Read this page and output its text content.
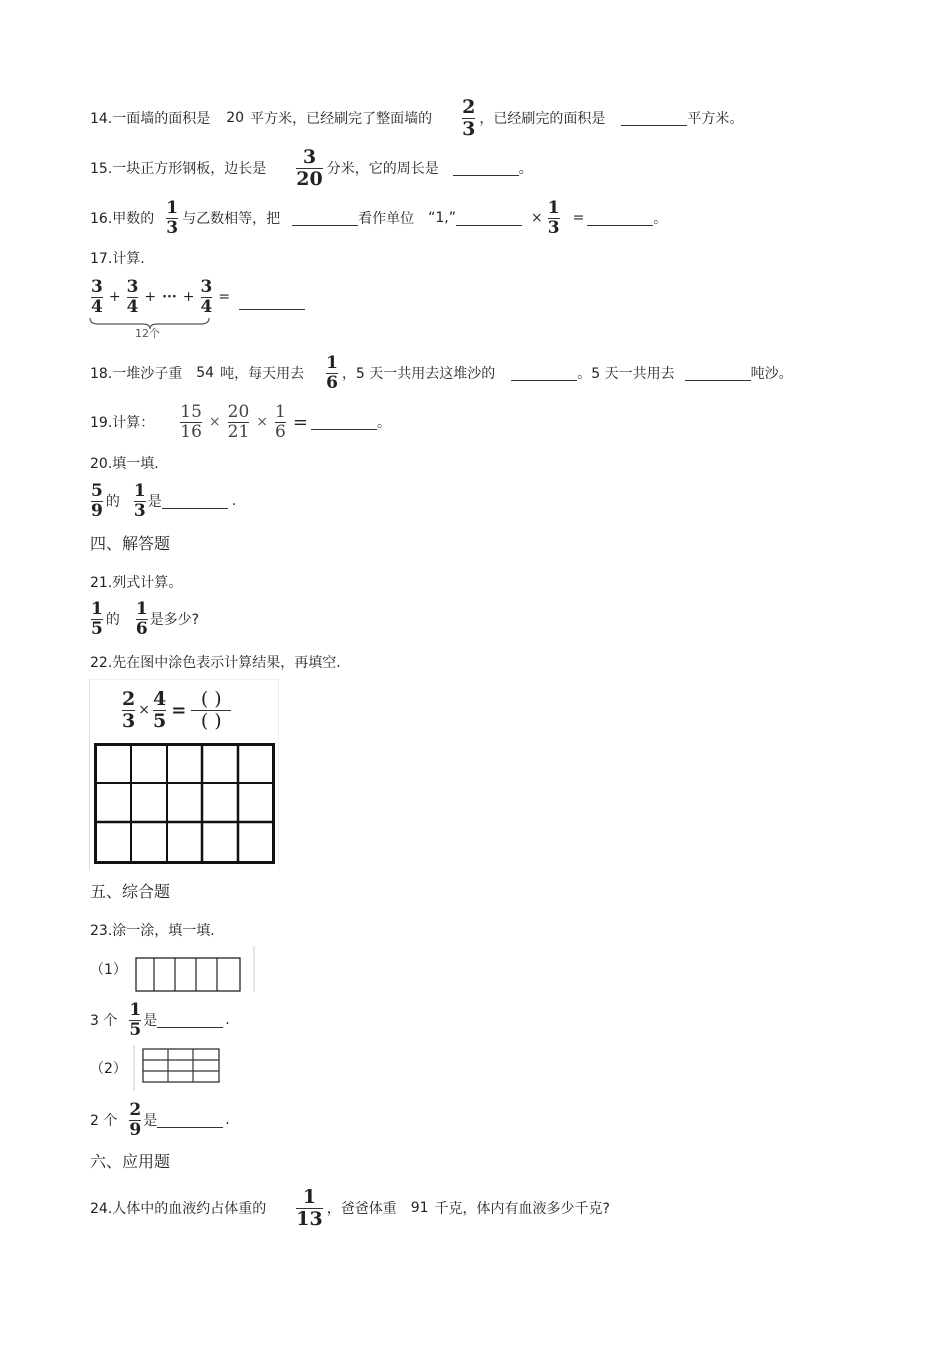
14.一面墙的面积是 20 平方米，已经刷完了整面墙的 $\frac{2}{3}$ ，已经刷完的面积是	平方米。
15.一块正方形钢板，边长是 $\frac{3}{20}$ 分米，它的周长是	。
16.甲数的 $\frac{1}{3}$ 与乙数相等，把	看作单位 “1,”	× $\frac{1}{3}$ =	。
17.计算.
$\frac{3}{4} + \frac{3}{4}$ + ··· + $\frac{3}{4}$ =
12个
18.一堆沙子重 54 吨，每天用去 $\frac{1}{6}$ ，5 天一共用去这堆沙的	。5 天一共用去	吨沙。
19.计算： $\frac{15}{16} \times \frac{20}{21} \times \frac{1}{6}$ =	。
20.填一填.
$\frac{5}{9}$ 的 $\frac{1}{3}$ 是	.
四、解答题
21.列式计算。
$\frac{1}{5}$ 的 $\frac{1}{6}$ 是多少?
22.先在图中涂色表示计算结果，再填空.
$\frac{2}{3} \times \frac{4}{5} = \frac{( )}{( )}$
五、综合题
23.涂一涂，填一填.
（1）
3 个 $\frac{1}{5}$ 是	.
（2）
2 个 $\frac{2}{9}$ 是	.
六、应用题
24.人体中的血液约占体重的 $\frac{1}{13}$ ，爸爸体重 91 千克，体内有血液多少千克?
